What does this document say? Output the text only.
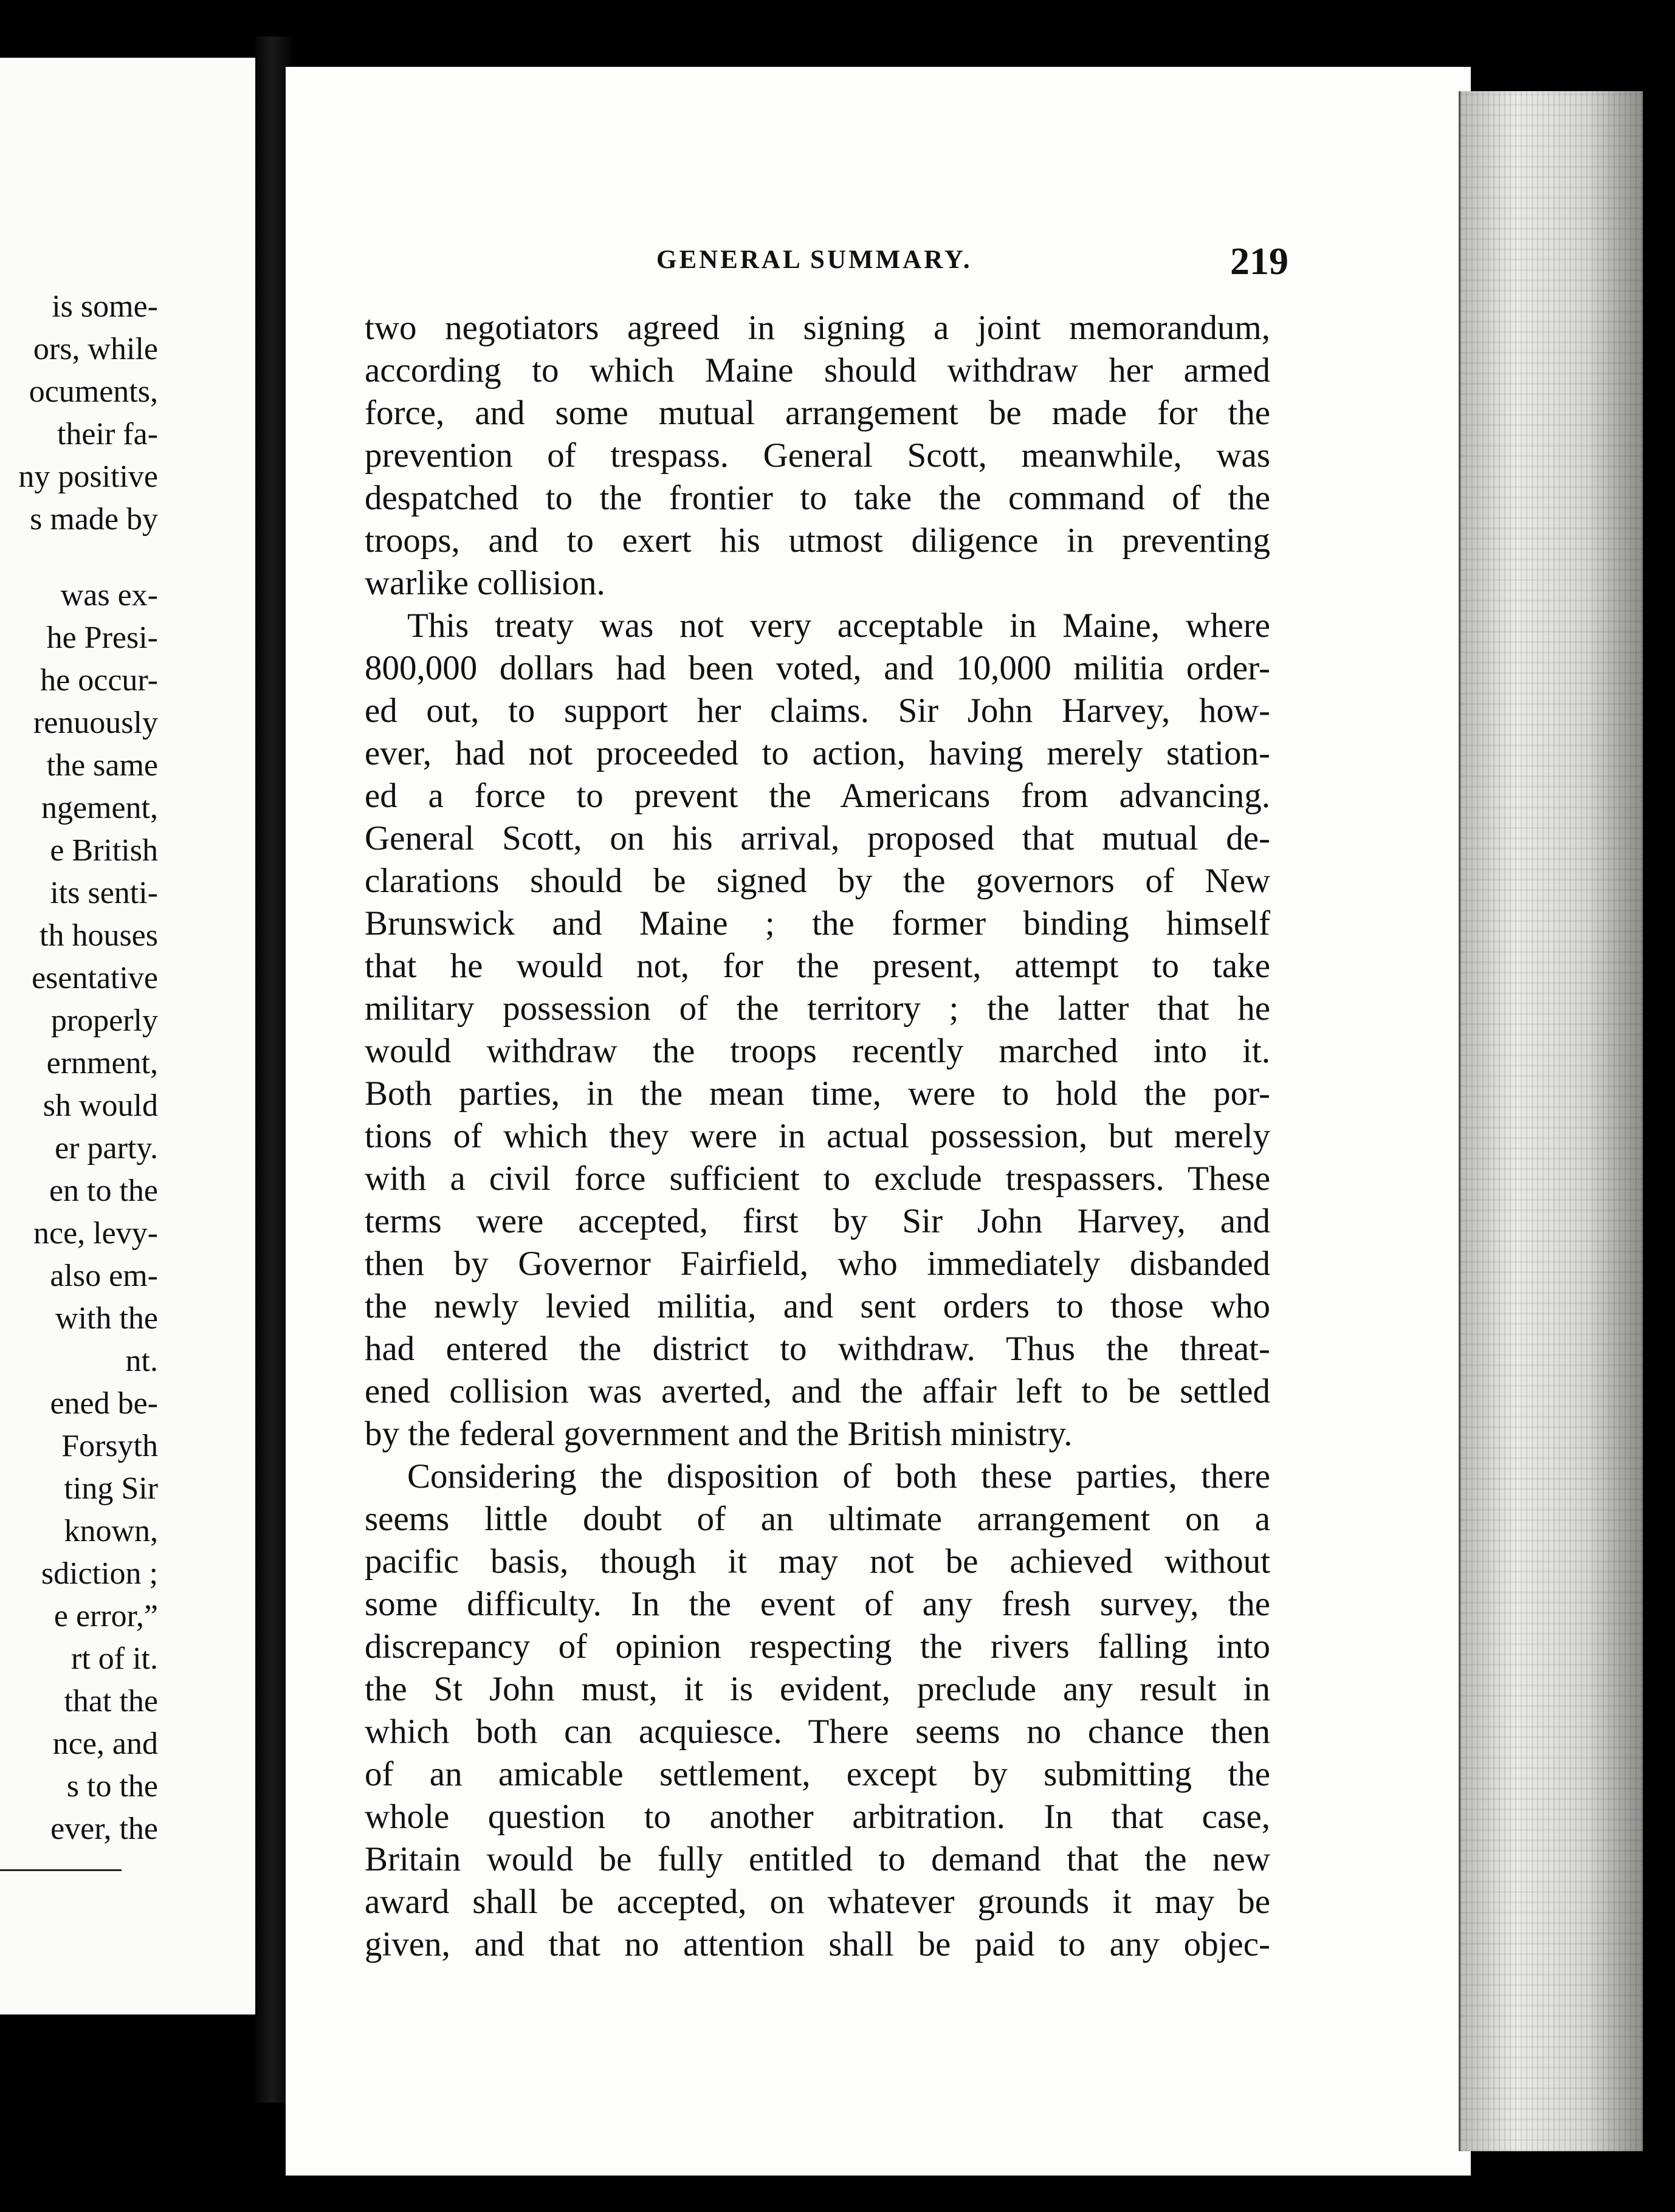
is some-
ors, while
ocuments,
their fa-
ny positive
s made by
was ex-
he Presi-
he occur-
renuously
the same
ngement,
e British
its senti-
th houses
esentative
properly
ernment,
sh would
er party.
en to the
nce, levy-
also em-
with the
nt.
ened be-
Forsyth
ting Sir
known,
sdiction ;
e error,”
rt of it.
that the
nce, and
s to the
ever, the
GENERAL SUMMARY.	219
two negotiators agreed in signing a joint memorandum,
according to which Maine should withdraw her armed
force, and some mutual arrangement be made for the
prevention of trespass. General Scott, meanwhile, was
despatched to the frontier to take the command of the
troops, and to exert his utmost diligence in preventing
warlike collision.
This treaty was not very acceptable in Maine, where
800,000 dollars had been voted, and 10,000 militia order-
ed out, to support her claims. Sir John Harvey, how-
ever, had not proceeded to action, having merely station-
ed a force to prevent the Americans from advancing.
General Scott, on his arrival, proposed that mutual de-
clarations should be signed by the governors of New
Brunswick and Maine ; the former binding himself
that he would not, for the present, attempt to take
military possession of the territory ; the latter that he
would withdraw the troops recently marched into it.
Both parties, in the mean time, were to hold the por-
tions of which they were in actual possession, but merely
with a civil force sufficient to exclude trespassers. These
terms were accepted, first by Sir John Harvey, and
then by Governor Fairfield, who immediately disbanded
the newly levied militia, and sent orders to those who
had entered the district to withdraw. Thus the threat-
ened collision was averted, and the affair left to be settled
by the federal government and the British ministry.
Considering the disposition of both these parties, there
seems little doubt of an ultimate arrangement on a
pacific basis, though it may not be achieved without
some difficulty. In the event of any fresh survey, the
discrepancy of opinion respecting the rivers falling into
the St John must, it is evident, preclude any result in
which both can acquiesce. There seems no chance then
of an amicable settlement, except by submitting the
whole question to another arbitration. In that case,
Britain would be fully entitled to demand that the new
award shall be accepted, on whatever grounds it may be
given, and that no attention shall be paid to any objec-
